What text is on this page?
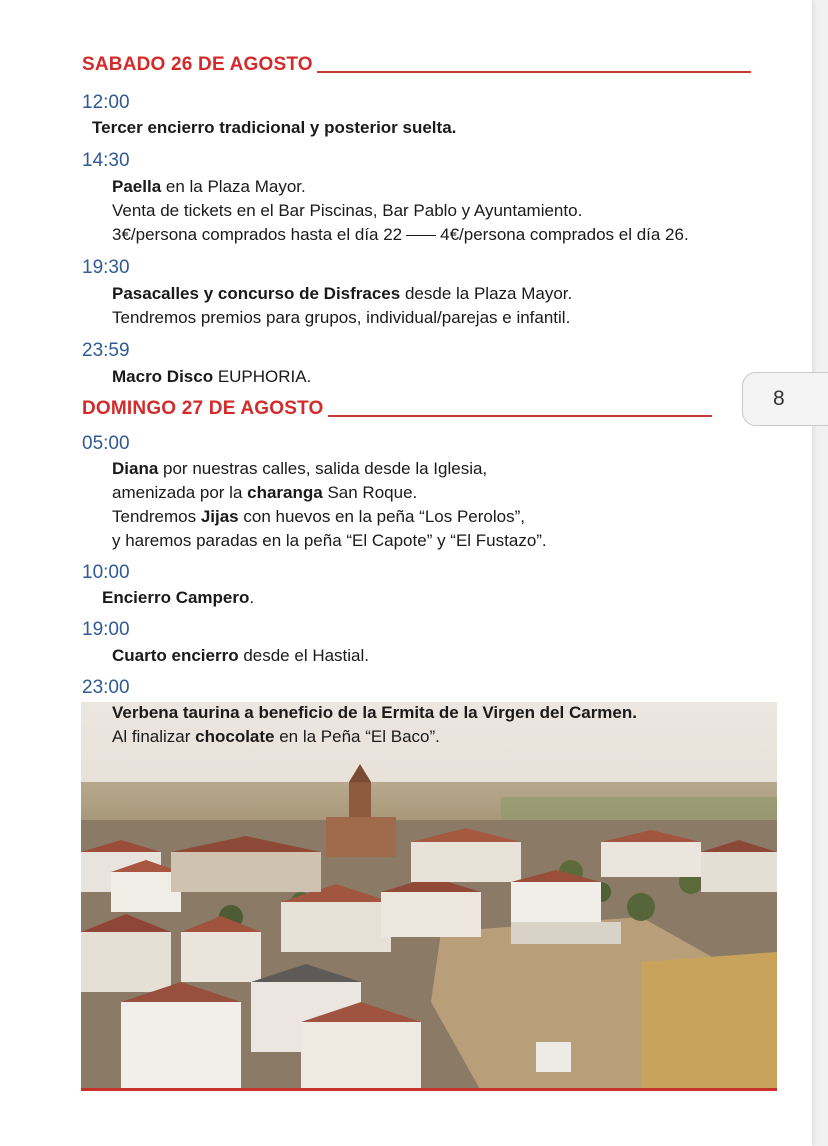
SABADO 26 DE AGOSTO
12:00
Tercer encierro tradicional y posterior suelta.
14:30
Paella en la Plaza Mayor.
Venta de tickets en el Bar Piscinas, Bar Pablo y Ayuntamiento.
3€/persona comprados hasta el día 22 4€/persona comprados el día 26.
19:30
Pasacalles y concurso de Disfraces desde la Plaza Mayor.
Tendremos premios para grupos, individual/parejas e infantil.
23:59
Macro Disco EUPHORIA.
DOMINGO 27 DE AGOSTO
05:00
Diana por nuestras calles, salida desde la Iglesia,
amenizada por la charanga San Roque.
Tendremos Jijas con huevos en la peña “Los Perolos”,
y haremos paradas en la peña “El Capote” y “El Fustazo”.
10:00
Encierro Campero.
19:00
Cuarto encierro desde el Hastial.
23:00
Verbena taurina a beneficio de la Ermita de la Virgen del Carmen.
Al finalizar chocolate en la Peña “El Baco”.
8
